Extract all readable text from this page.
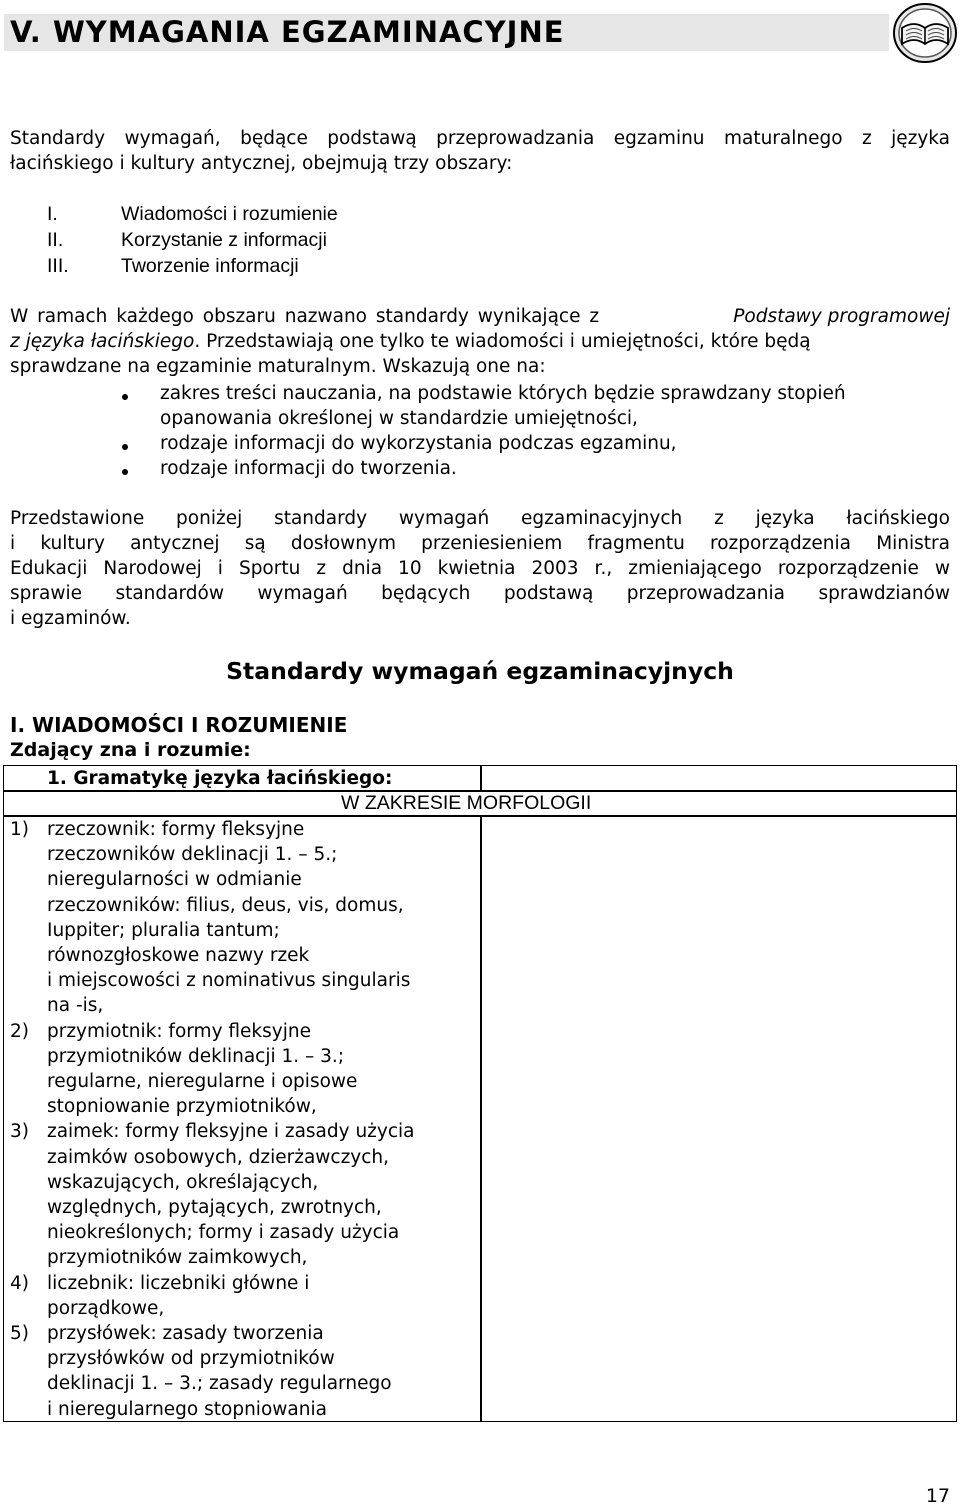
V. WYMAGANIA EGZAMINACYJNE
Standardy wymagań, będące podstawą przeprowadzania egzaminu maturalnego z języka
łacińskiego i kultury antycznej, obejmują trzy obszary:
I.	Wiadomości i rozumienie
II.	Korzystanie z informacji
III.	Tworzenie informacji
W ramach każdego obszaru nazwano standardy wynikające z	Podstawy programowej
z języka łacińskiego. Przedstawiają one tylko te wiadomości i umiejętności, które będą
sprawdzane na egzaminie maturalnym. Wskazują one na:
zakres treści nauczania, na podstawie których będzie sprawdzany stopień
opanowania określonej w standardzie umiejętności,
rodzaje informacji do wykorzystania podczas egzaminu,
rodzaje informacji do tworzenia.
Przedstawione poniżej standardy wymagań egzaminacyjnych z języka łacińskiego
i kultury antycznej są dosłownym przeniesieniem fragmentu rozporządzenia Ministra
Edukacji Narodowej i Sportu z dnia 10 kwietnia 2003 r., zmieniającego rozporządzenie w
sprawie standardów wymagań będących podstawą przeprowadzania sprawdzianów
i egzaminów.
Standardy wymagań egzaminacyjnych
I. WIADOMOŚCI I ROZUMIENIE
Zdający zna i rozumie:
1. Gramatykę języka łacińskiego:
W ZAKRESIE MORFOLOGII
1) rzeczownik: formy fleksyjne
rzeczowników deklinacji 1. – 5.;
nieregularności w odmianie
rzeczowników: filius, deus, vis, domus,
Iuppiter; pluralia tantum;
równozgłoskowe nazwy rzek
i miejscowości z nominativus singularis
na -is,
2) przymiotnik: formy fleksyjne
przymiotników deklinacji 1. – 3.;
regularne, nieregularne i opisowe
stopniowanie przymiotników,
3) zaimek: formy fleksyjne i zasady użycia
zaimków osobowych, dzierżawczych,
wskazujących, określających,
względnych, pytających, zwrotnych,
nieokreślonych; formy i zasady użycia
przymiotników zaimkowych,
4) liczebnik: liczebniki główne i
porządkowe,
5) przysłówek: zasady tworzenia
przysłówków od przymiotników
deklinacji 1. – 3.; zasady regularnego
i nieregularnego stopniowania
17
